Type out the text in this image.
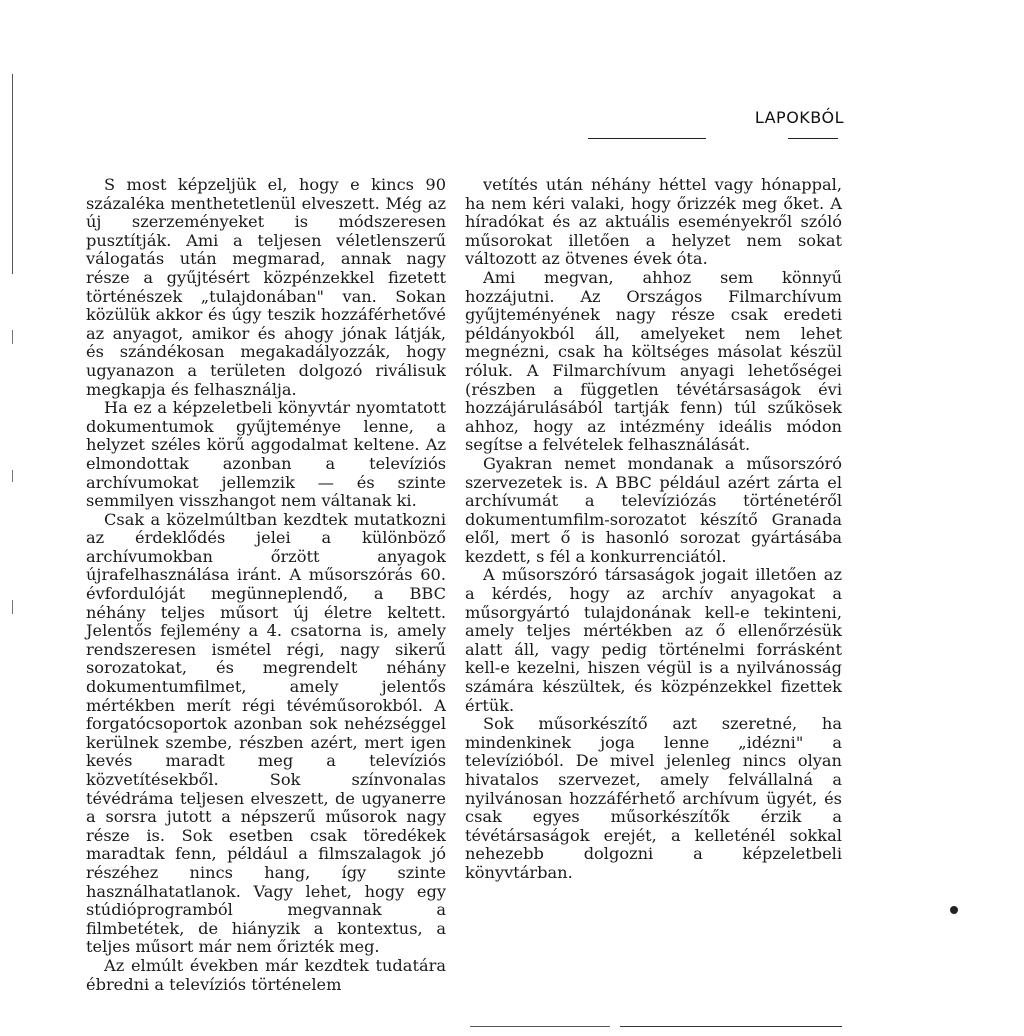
LAPOKBÓL

S most képzeljük el, hogy e kincs 90 százaléka menthetetlenül elveszett. Még az új szerzeményeket is módszeresen pusztítják. Ami a teljesen véletlenszerű válogatás után megmarad, annak nagy része a gyűjtésért közpénzekkel fizetett történészek „tulajdonában" van. Sokan közülük akkor és úgy teszik hozzáférhetővé az anyagot, amikor és ahogy jónak látják, és szándékosan megakadályozzák, hogy ugyanazon a területen dolgozó riválisuk megkapja és felhasználja.

Ha ez a képzeletbeli könyvtár nyomtatott dokumentumok gyűjteménye lenne, a helyzet széles körű aggodalmat keltene. Az elmondottak azonban a televíziós archívumokat jellemzik — és szinte semmilyen visszhangot nem váltanak ki.

Csak a közelmúltban kezdtek mutatkozni az érdeklődés jelei a különböző archívumokban őrzött anyagok újrafelhasználása iránt. A műsorszórás 60. évfordulóját megünneplendő, a BBC néhány teljes műsort új életre keltett. Jelentős fejlemény a 4. csatorna is, amely rendszeresen ismétel régi, nagy sikerű sorozatokat, és megrendelt néhány dokumentumfilmet, amely jelentős mértékben merít régi tévéműsorokból. A forgatócsoportok azonban sok nehézséggel kerülnek szembe, részben azért, mert igen kevés maradt meg a televíziós közvetítésekből. Sok színvonalas tévédráma teljesen elveszett, de ugyanerre a sorsra jutott a népszerű műsorok nagy része is. Sok esetben csak töredékek maradtak fenn, például a filmszalagok jó részéhez nincs hang, így szinte használhatatlanok. Vagy lehet, hogy egy stúdióprogramból megvannak a filmbetétek, de hiányzik a kontextus, a teljes műsort már nem őrizték meg.

Az elmúlt években már kezdtek tudatára ébredni a televíziós történelem

vetítés után néhány héttel vagy hónappal, ha nem kéri valaki, hogy őrizzék meg őket. A híradókat és az aktuális eseményekről szóló műsorokat illetően a helyzet nem sokat változott az ötvenes évek óta.

Ami megvan, ahhoz sem könnyű hozzájutni. Az Országos Filmarchívum gyűjteményének nagy része csak eredeti példányokból áll, amelyeket nem lehet megnézni, csak ha költséges másolat készül róluk. A Filmarchívum anyagi lehetőségei (részben a független tévétársaságok évi hozzájárulásából tartják fenn) túl szűkösek ahhoz, hogy az intézmény ideális módon segítse a felvételek felhasználását.

Gyakran nemet mondanak a műsorszóró szervezetek is. A BBC például azért zárta el archívumát a televíziózás történetéről dokumentumfilm-sorozatot készítő Granada elől, mert ő is hasonló sorozat gyártásába kezdett, s fél a konkurrenciától.

A műsorszóró társaságok jogait illetően az a kérdés, hogy az archív anyagokat a műsorgyártó tulajdonának kell-e tekinteni, amely teljes mértékben az ő ellenőrzésük alatt áll, vagy pedig történelmi forrásként kell-e kezelni, hiszen végül is a nyilvánosság számára készültek, és közpénzekkel fizettek értük.

Sok műsorkészítő azt szeretné, ha mindenkinek joga lenne „idézni" a televízióból. De mivel jelenleg nincs olyan hivatalos szervezet, amely felvállalná a nyilvánosan hozzáférhető archívum ügyét, és csak egyes műsorkészítők érzik a tévétársaságok erejét, a kelleténél sokkal nehezebb dolgozni a képzeletbeli könyvtárban.
